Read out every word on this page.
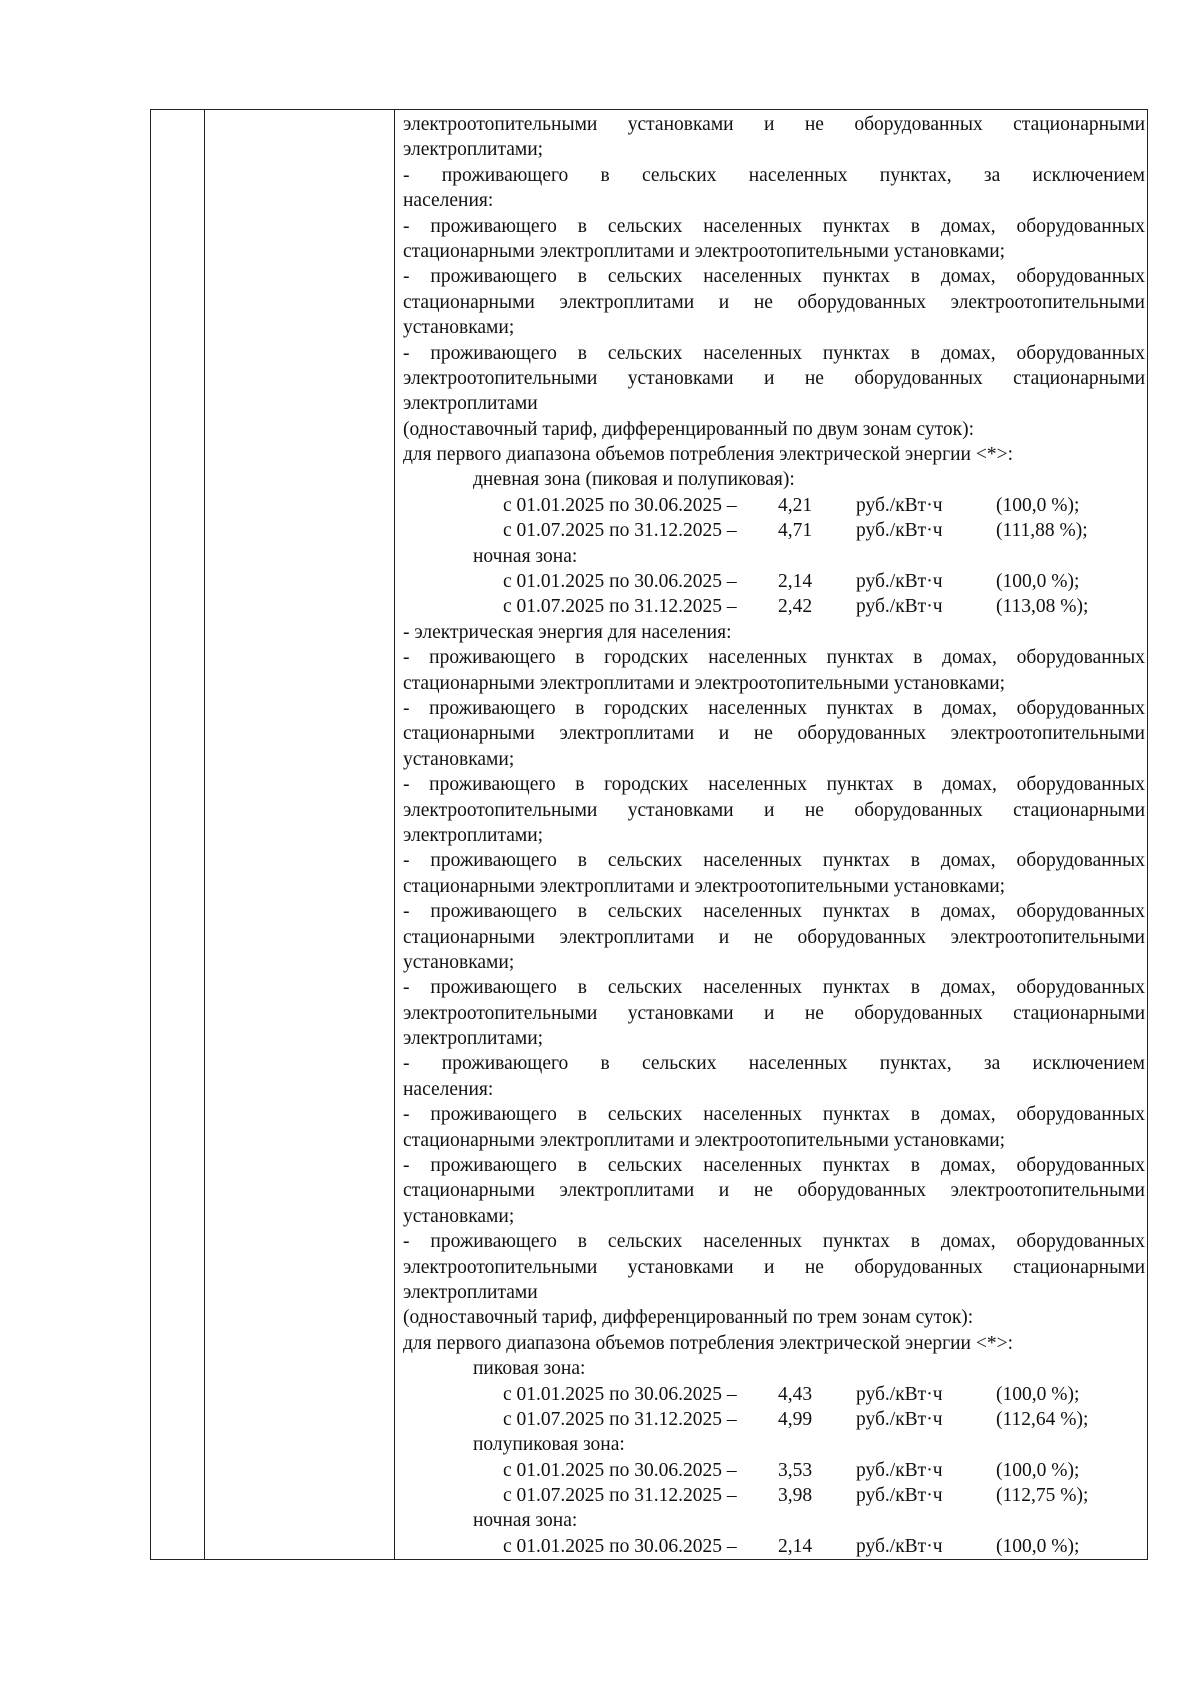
электроотопительными установками и не оборудованных стационарными
электроплитами;
- проживающего в сельских населенных пунктах, за исключением
населения:
- проживающего в сельских населенных пунктах в домах, оборудованных
стационарными электроплитами и электроотопительными установками;
- проживающего в сельских населенных пунктах в домах, оборудованных
стационарными электроплитами и не оборудованных электроотопительными
установками;
- проживающего в сельских населенных пунктах в домах, оборудованных
электроотопительными установками и не оборудованных стационарными
электроплитами
(одноставочный тариф, дифференцированный по двум зонам суток):
для первого диапазона объемов потребления электрической энергии <*>:
дневная зона (пиковая и полупиковая):
с 01.01.2025 по 30.06.2025 –	4,21	руб./кВт·ч	(100,0 %);
с 01.07.2025 по 31.12.2025 –	4,71	руб./кВт·ч	(111,88 %);
ночная зона:
с 01.01.2025 по 30.06.2025 –	2,14	руб./кВт·ч	(100,0 %);
с 01.07.2025 по 31.12.2025 –	2,42	руб./кВт·ч	(113,08 %);
- электрическая энергия для населения:
- проживающего в городских населенных пунктах в домах, оборудованных
стационарными электроплитами и электроотопительными установками;
- проживающего в городских населенных пунктах в домах, оборудованных
стационарными электроплитами и не оборудованных электроотопительными
установками;
- проживающего в городских населенных пунктах в домах, оборудованных
электроотопительными установками и не оборудованных стационарными
электроплитами;
- проживающего в сельских населенных пунктах в домах, оборудованных
стационарными электроплитами и электроотопительными установками;
- проживающего в сельских населенных пунктах в домах, оборудованных
стационарными электроплитами и не оборудованных электроотопительными
установками;
- проживающего в сельских населенных пунктах в домах, оборудованных
электроотопительными установками и не оборудованных стационарными
электроплитами;
- проживающего в сельских населенных пунктах, за исключением
населения:
- проживающего в сельских населенных пунктах в домах, оборудованных
стационарными электроплитами и электроотопительными установками;
- проживающего в сельских населенных пунктах в домах, оборудованных
стационарными электроплитами и не оборудованных электроотопительными
установками;
- проживающего в сельских населенных пунктах в домах, оборудованных
электроотопительными установками и не оборудованных стационарными
электроплитами
(одноставочный тариф, дифференцированный по трем зонам суток):
для первого диапазона объемов потребления электрической энергии <*>:
пиковая зона:
с 01.01.2025 по 30.06.2025 –	4,43	руб./кВт·ч	(100,0 %);
с 01.07.2025 по 31.12.2025 –	4,99	руб./кВт·ч	(112,64 %);
полупиковая зона:
с 01.01.2025 по 30.06.2025 –	3,53	руб./кВт·ч	(100,0 %);
с 01.07.2025 по 31.12.2025 –	3,98	руб./кВт·ч	(112,75 %);
ночная зона:
с 01.01.2025 по 30.06.2025 –	2,14	руб./кВт·ч	(100,0 %);
